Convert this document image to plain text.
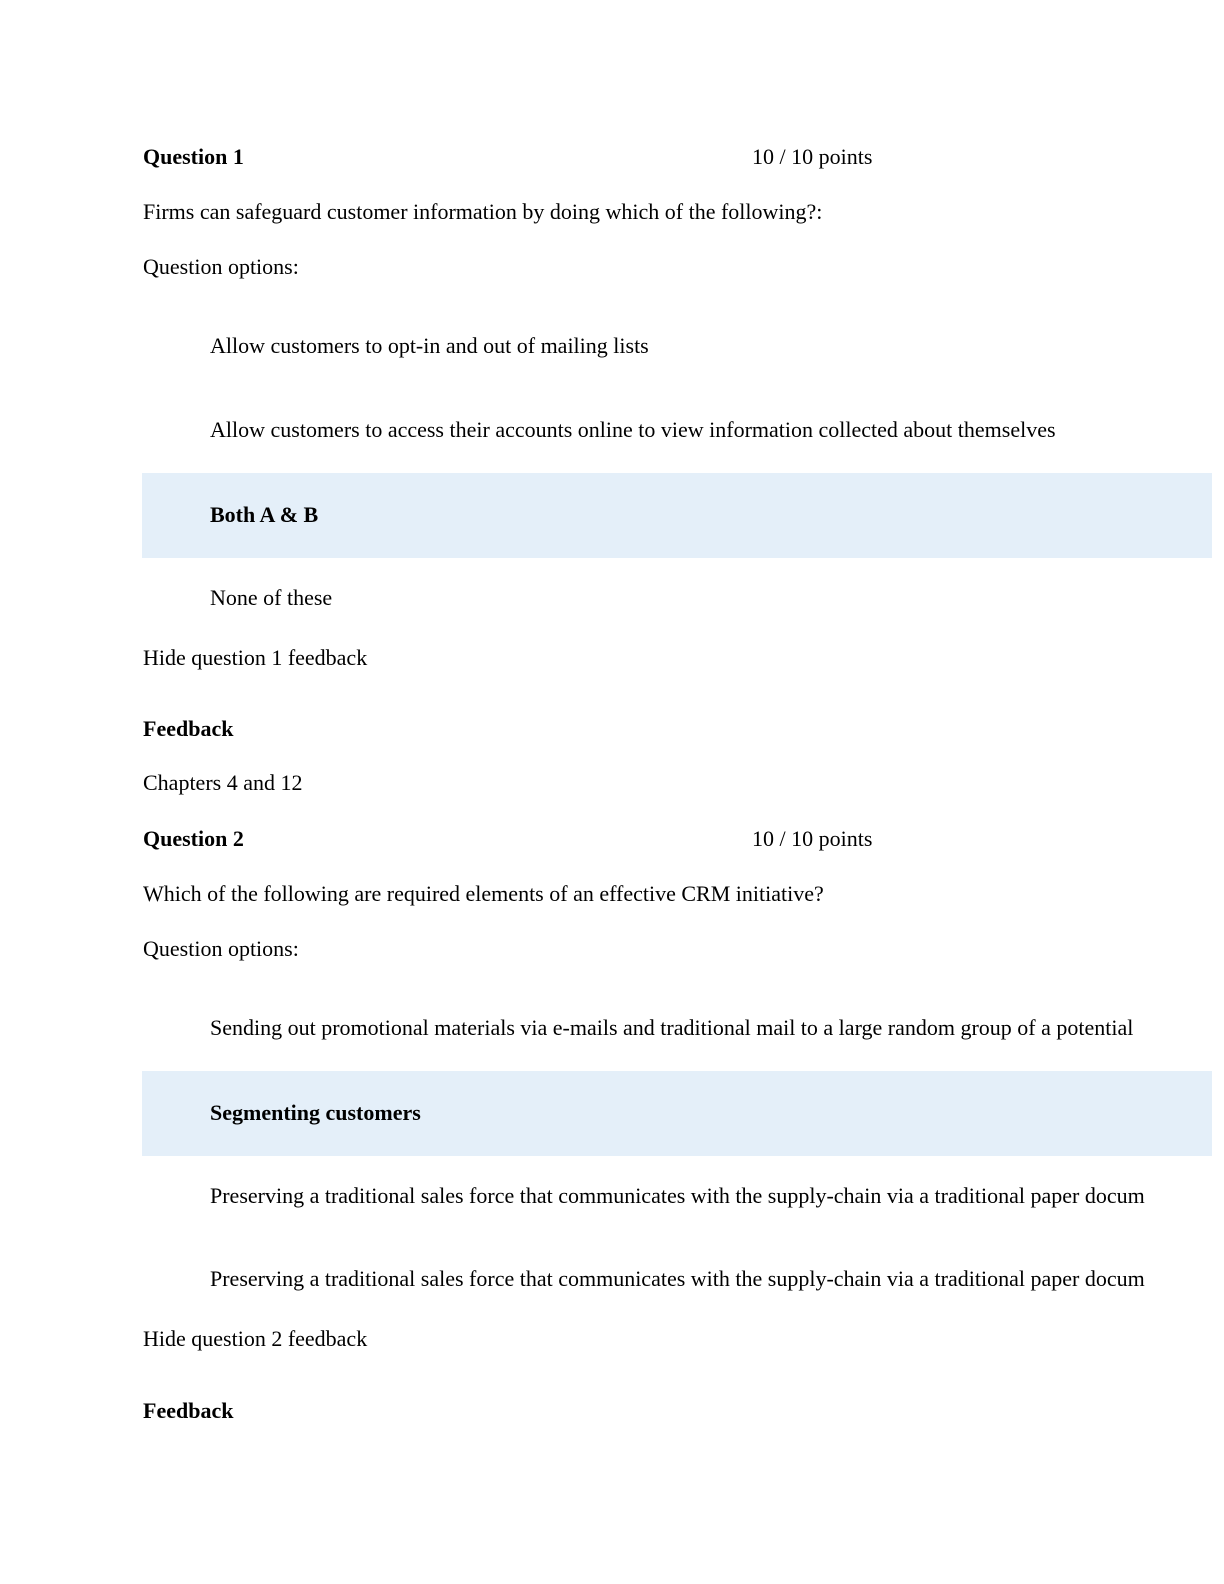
Question 1	10 / 10 points
Firms can safeguard customer information by doing which of the following?:
Question options:
Allow customers to opt-in and out of mailing lists
Allow customers to access their accounts online to view information collected about themselves
Both A & B
None of these
Hide question 1 feedback
Feedback
Chapters 4 and 12
Question 2	10 / 10 points
Which of the following are required elements of an effective CRM initiative?
Question options:
Sending out promotional materials via e-mails and traditional mail to a large random group of a potential
Segmenting customers
Preserving a traditional sales force that communicates with the supply-chain via a traditional paper docum
Preserving a traditional sales force that communicates with the supply-chain via a traditional paper docum
Hide question 2 feedback
Feedback
